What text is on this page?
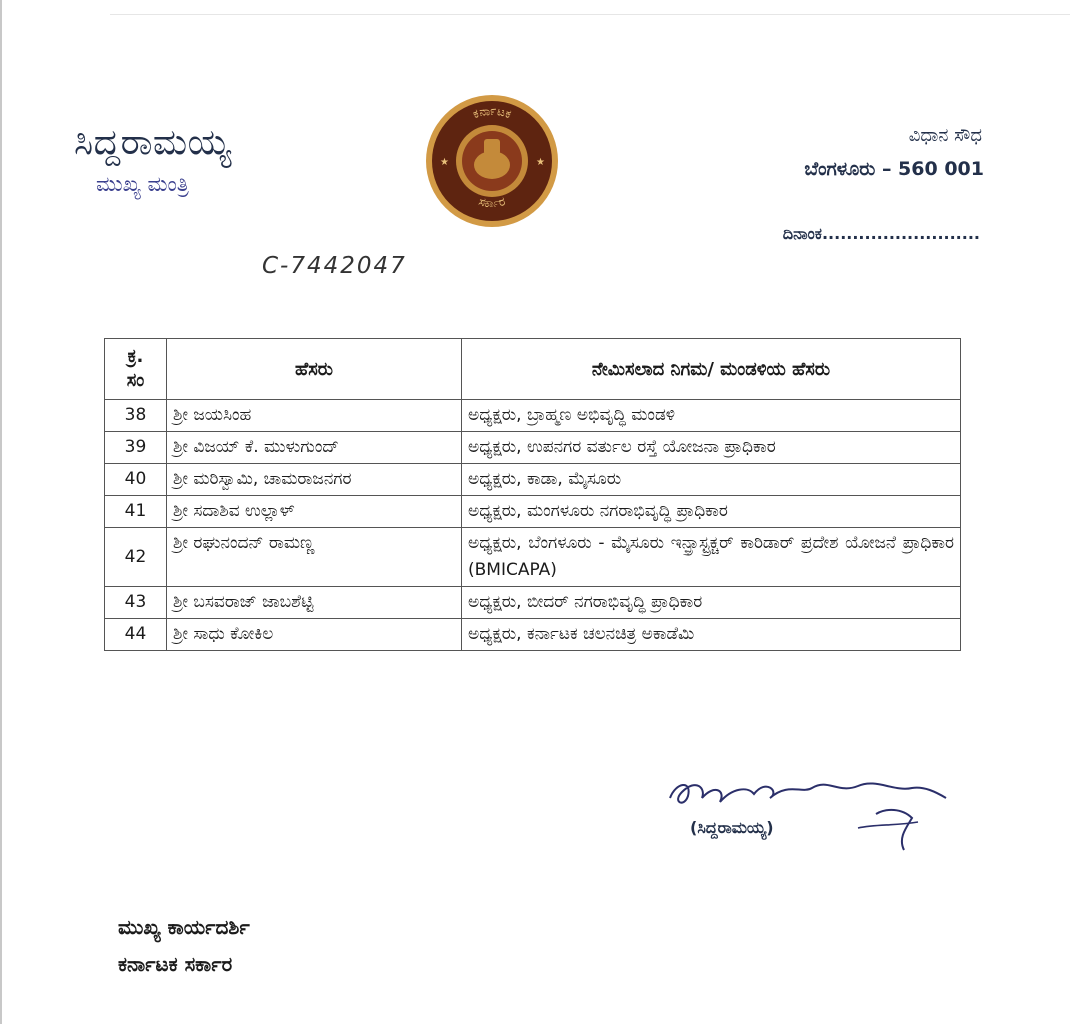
ಸಿದ್ದರಾಮಯ್ಯ
ಮುಖ್ಯ ಮಂತ್ರಿ
ಕರ್ನಾಟಕ
ಸರ್ಕಾರ
★	★
ವಿಧಾನ ಸೌಧ
ಬೆಂಗಳೂರು – 560 001
ದಿನಾಂಕ..........................
C-7442047
ಕ್ರ.
ಸಂ	ಹೆಸರು	ನೇಮಿಸಲಾದ ನಿಗಮ/ ಮಂಡಳಿಯ ಹೆಸರು
38	ಶ್ರೀ ಜಯಸಿಂಹ	ಅಧ್ಯಕ್ಷರು, ಬ್ರಾಹ್ಮಣ ಅಭಿವೃದ್ಧಿ ಮಂಡಳಿ
39	ಶ್ರೀ ವಿಜಯ್ ಕೆ. ಮುಳುಗುಂದ್	ಅಧ್ಯಕ್ಷರು, ಉಪನಗರ ವರ್ತುಲ ರಸ್ತೆ ಯೋಜನಾ ಪ್ರಾಧಿಕಾರ
40	ಶ್ರೀ ಮರಿಸ್ವಾಮಿ, ಚಾಮರಾಜನಗರ	ಅಧ್ಯಕ್ಷರು, ಕಾಡಾ, ಮೈಸೂರು
41	ಶ್ರೀ ಸದಾಶಿವ ಉಲ್ಲಾಳ್	ಅಧ್ಯಕ್ಷರು, ಮಂಗಳೂರು ನಗರಾಭಿವೃದ್ಧಿ ಪ್ರಾಧಿಕಾರ
42	ಶ್ರೀ ರಘುನಂದನ್ ರಾಮಣ್ಣ	ಅಧ್ಯಕ್ಷರು, ಬೆಂಗಳೂರು - ಮೈಸೂರು ಇನ್ಫ್ರಾಸ್ಟ್ರಕ್ಚರ್ ಕಾರಿಡಾರ್ ಪ್ರದೇಶ ಯೋಜನೆ ಪ್ರಾಧಿಕಾರ (BMICAPA)
43	ಶ್ರೀ ಬಸವರಾಜ್ ಜಾಬಶೆಟ್ಟಿ	ಅಧ್ಯಕ್ಷರು, ಬೀದರ್ ನಗರಾಭಿವೃದ್ಧಿ ಪ್ರಾಧಿಕಾರ
44	ಶ್ರೀ ಸಾಧು ಕೋಕಿಲ	ಅಧ್ಯಕ್ಷರು, ಕರ್ನಾಟಕ ಚಲನಚಿತ್ರ ಅಕಾಡೆಮಿ
(ಸಿದ್ದರಾಮಯ್ಯ)
ಮುಖ್ಯ ಕಾರ್ಯದರ್ಶಿ
ಕರ್ನಾಟಕ ಸರ್ಕಾರ
